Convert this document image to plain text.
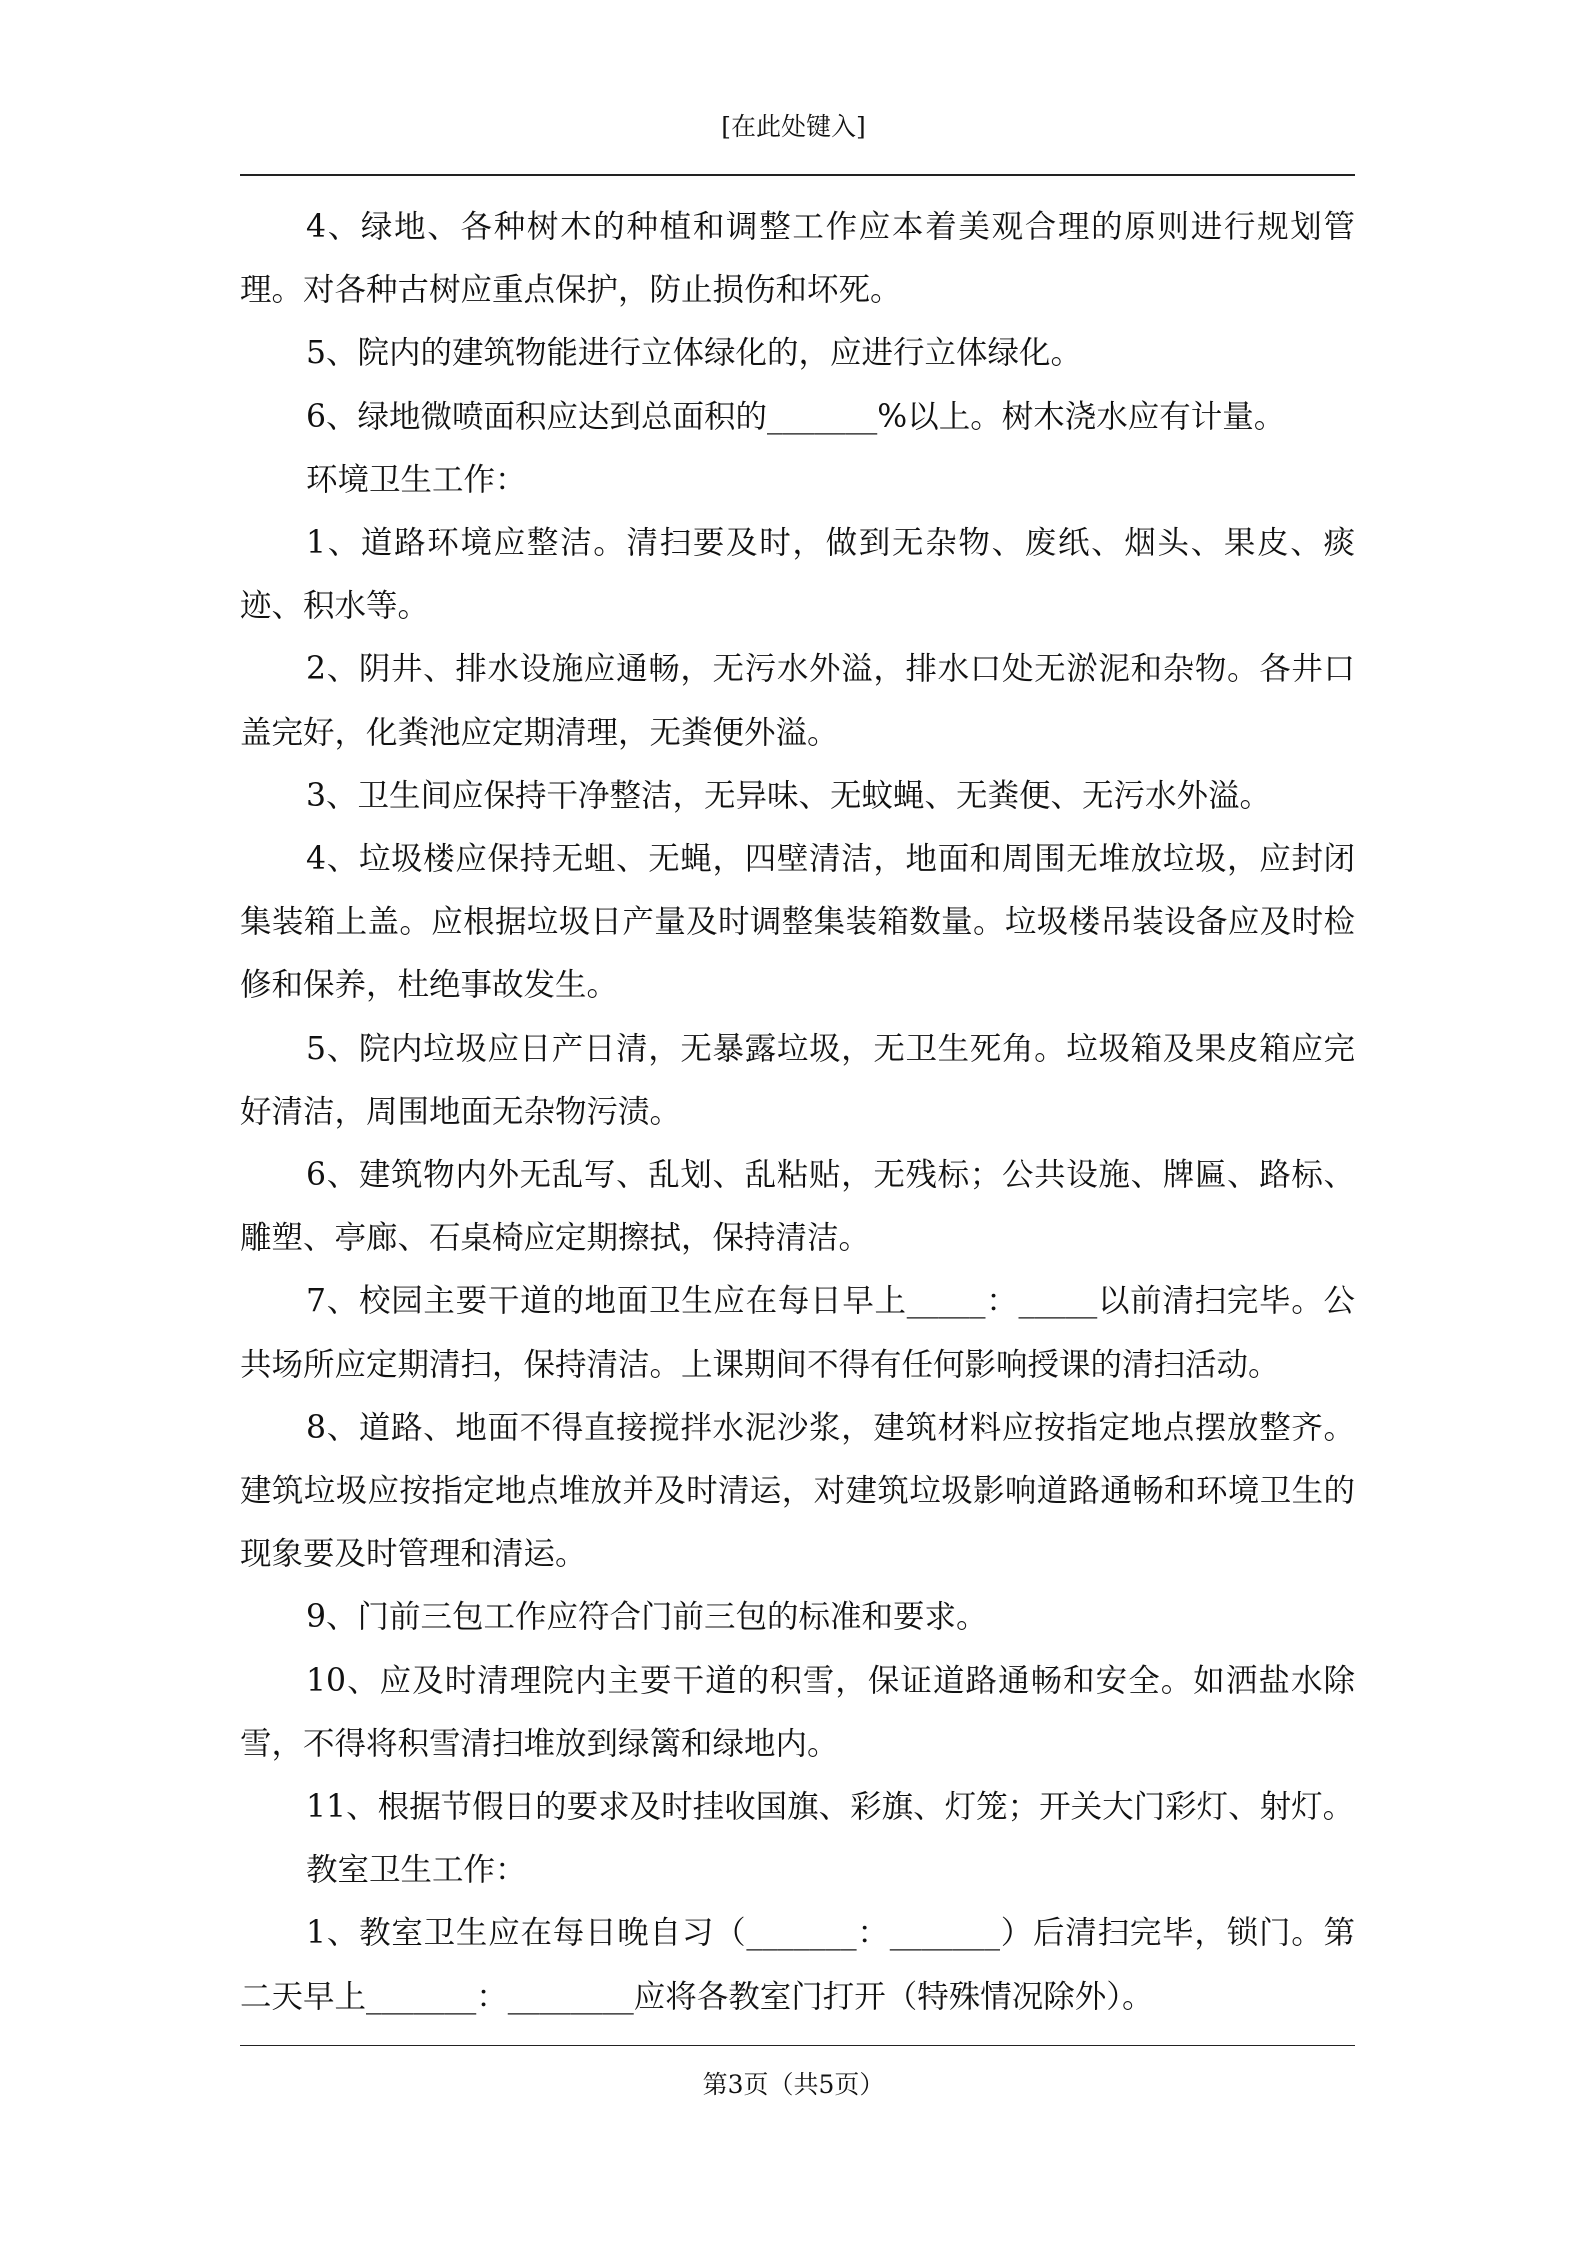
[在此处键入]

4、绿地、各种树木的种植和调整工作应本着美观合理的原则进行规划管理。对各种古树应重点保护，防止损伤和坏死。

5、院内的建筑物能进行立体绿化的，应进行立体绿化。

6、绿地微喷面积应达到总面积的_______%以上。树木浇水应有计量。

环境卫生工作：

1、道路环境应整洁。清扫要及时，做到无杂物、废纸、烟头、果皮、痰迹、积水等。

2、阴井、排水设施应通畅，无污水外溢，排水口处无淤泥和杂物。各井口盖完好，化粪池应定期清理，无粪便外溢。

3、卫生间应保持干净整洁，无异味、无蚊蝇、无粪便、无污水外溢。

4、垃圾楼应保持无蛆、无蝇，四壁清洁，地面和周围无堆放垃圾，应封闭集装箱上盖。应根据垃圾日产量及时调整集装箱数量。垃圾楼吊装设备应及时检修和保养，杜绝事故发生。

5、院内垃圾应日产日清，无暴露垃圾，无卫生死角。垃圾箱及果皮箱应完好清洁，周围地面无杂物污渍。

6、建筑物内外无乱写、乱划、乱粘贴，无残标；公共设施、牌匾、路标、雕塑、亭廊、石桌椅应定期擦拭，保持清洁。

7、校园主要干道的地面卫生应在每日早上_____：_____以前清扫完毕。公共场所应定期清扫，保持清洁。上课期间不得有任何影响授课的清扫活动。

8、道路、地面不得直接搅拌水泥沙浆，建筑材料应按指定地点摆放整齐。建筑垃圾应按指定地点堆放并及时清运，对建筑垃圾影响道路通畅和环境卫生的现象要及时管理和清运。

9、门前三包工作应符合门前三包的标准和要求。

10、应及时清理院内主要干道的积雪，保证道路通畅和安全。如洒盐水除雪，不得将积雪清扫堆放到绿篱和绿地内。

11、根据节假日的要求及时挂收国旗、彩旗、灯笼；开关大门彩灯、射灯。

教室卫生工作：

1、教室卫生应在每日晚自习（_______：_______）后清扫完毕，锁门。第二天早上_______：________应将各教室门打开（特殊情况除外）。

第3页（共5页）
